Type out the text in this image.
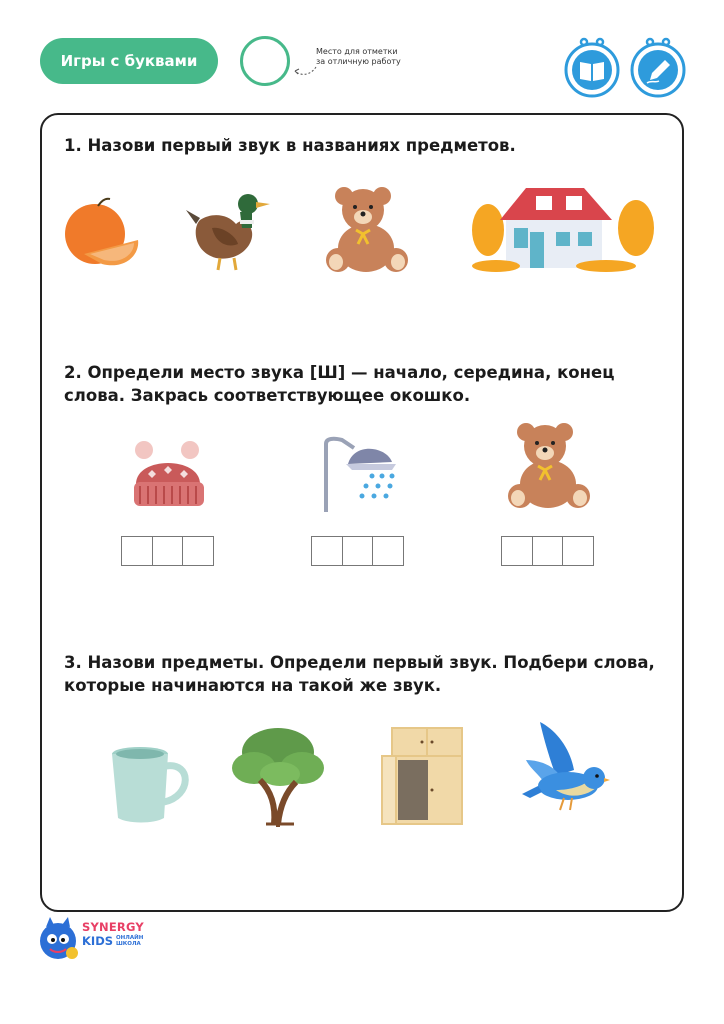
Игры с буквами
Место для отметки
за отличную работу
1. Назови первый звук в названиях предметов.
2. Определи место звука [Ш] — начало, середина, конец
слова. Закрась соответствующее окошко.
3. Назови предметы. Определи первый звук. Подбери слова,
которые начинаются на такой же звук.
SYNERGY
KIDS ОНЛАЙН
ШКОЛА
